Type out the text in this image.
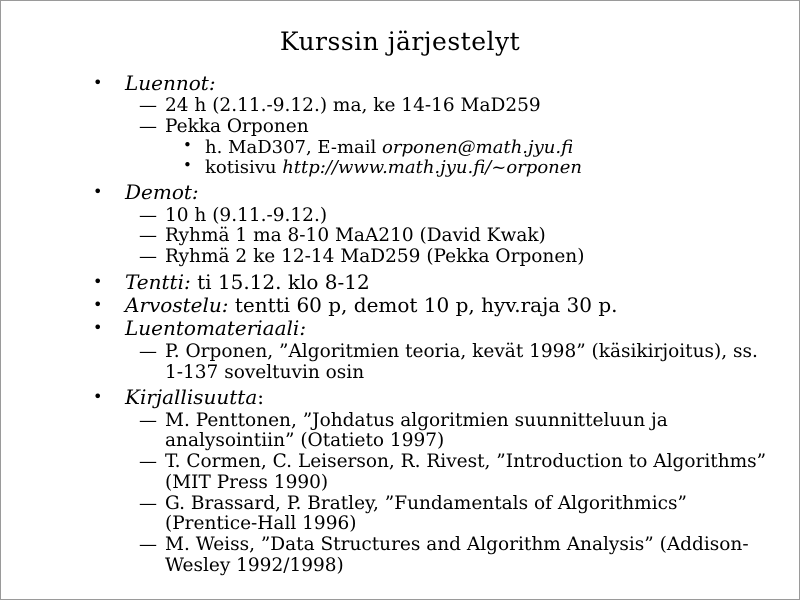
Kurssin järjestelyt
• Luennot:
— 24 h (2.11.-9.12.) ma, ke 14-16 MaD259
— Pekka Orponen
• h. MaD307, E-mail orponen@math.jyu.fi
• kotisivu http://www.math.jyu.fi/~orponen
• Demot:
— 10 h (9.11.-9.12.)
— Ryhmä 1 ma 8-10 MaA210 (David Kwak)
— Ryhmä 2 ke 12-14 MaD259 (Pekka Orponen)
• Tentti: ti 15.12. klo 8-12
• Arvostelu: tentti 60 p, demot 10 p, hyv.raja 30 p.
• Luentomateriaali:
— P. Orponen, ”Algoritmien teoria, kevät 1998” (käsikirjoitus), ss. 1-137 soveltuvin osin
• Kirjallisuutta:
— M. Penttonen, ”Johdatus algoritmien suunnitteluun ja analysointiin” (Otatieto 1997)
— T. Cormen, C. Leiserson, R. Rivest, ”Introduction to Algorithms” (MIT Press 1990)
— G. Brassard, P. Bratley, ”Fundamentals of Algorithmics” (Prentice-Hall 1996)
— M. Weiss, ”Data Structures and Algorithm Analysis” (Addison-Wesley 1992/1998)
